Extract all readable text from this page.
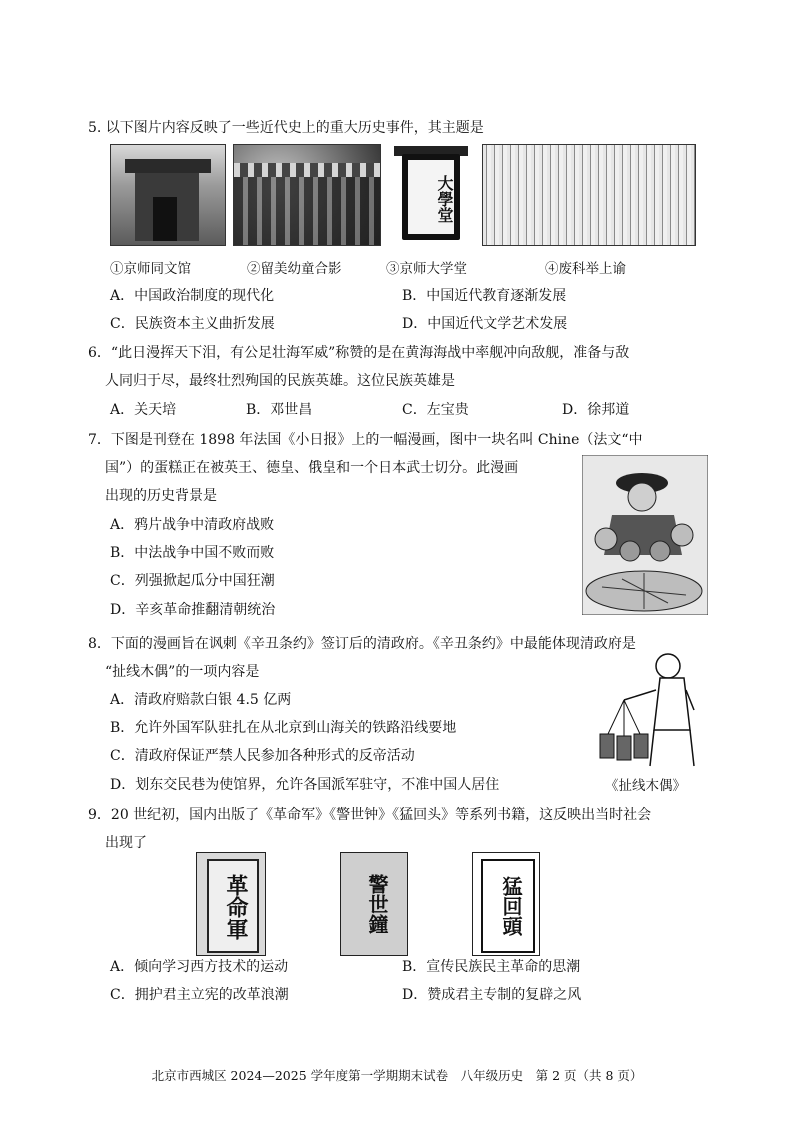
5. 以下图片内容反映了一些近代史上的重大历史事件，其主题是
大學堂
①京师同文馆	②留美幼童合影	③京师大学堂	④废科举上谕
A．中国政治制度的现代化	B．中国近代教育逐渐发展
C．民族资本主义曲折发展	D．中国近代文学艺术发展
6．“此日漫挥天下泪，有公足壮海军威”称赞的是在黄海海战中率舰冲向敌舰，准备与敌
人同归于尽，最终壮烈殉国的民族英雄。这位民族英雄是
A．关天培	B．邓世昌	C．左宝贵	D．徐邦道
7．下图是刊登在 1898 年法国《小日报》上的一幅漫画，图中一块名叫 Chine（法文“中
国”）的蛋糕正在被英王、德皇、俄皇和一个日本武士切分。此漫画
出现的历史背景是
A．鸦片战争中清政府战败
B．中法战争中国不败而败
C．列强掀起瓜分中国狂潮
D．辛亥革命推翻清朝统治
8．下面的漫画旨在讽刺《辛丑条约》签订后的清政府。《辛丑条约》中最能体现清政府是
“扯线木偶”的一项内容是
A．清政府赔款白银 4.5 亿两
B．允许外国军队驻扎在从北京到山海关的铁路沿线要地
C．清政府保证严禁人民参加各种形式的反帝活动
D．划东交民巷为使馆界，允许各国派军驻守，不准中国人居住	《扯线木偶》
9．20 世纪初，国内出版了《革命军》《警世钟》《猛回头》等系列书籍，这反映出当时社会
出现了
革命軍	警世鐘	猛回頭
A．倾向学习西方技术的运动	B．宣传民族民主革命的思潮
C．拥护君主立宪的改革浪潮	D．赞成君主专制的复辟之风
北京市西城区 2024—2025 学年度第一学期期末试卷　八年级历史　第 2 页（共 8 页）
